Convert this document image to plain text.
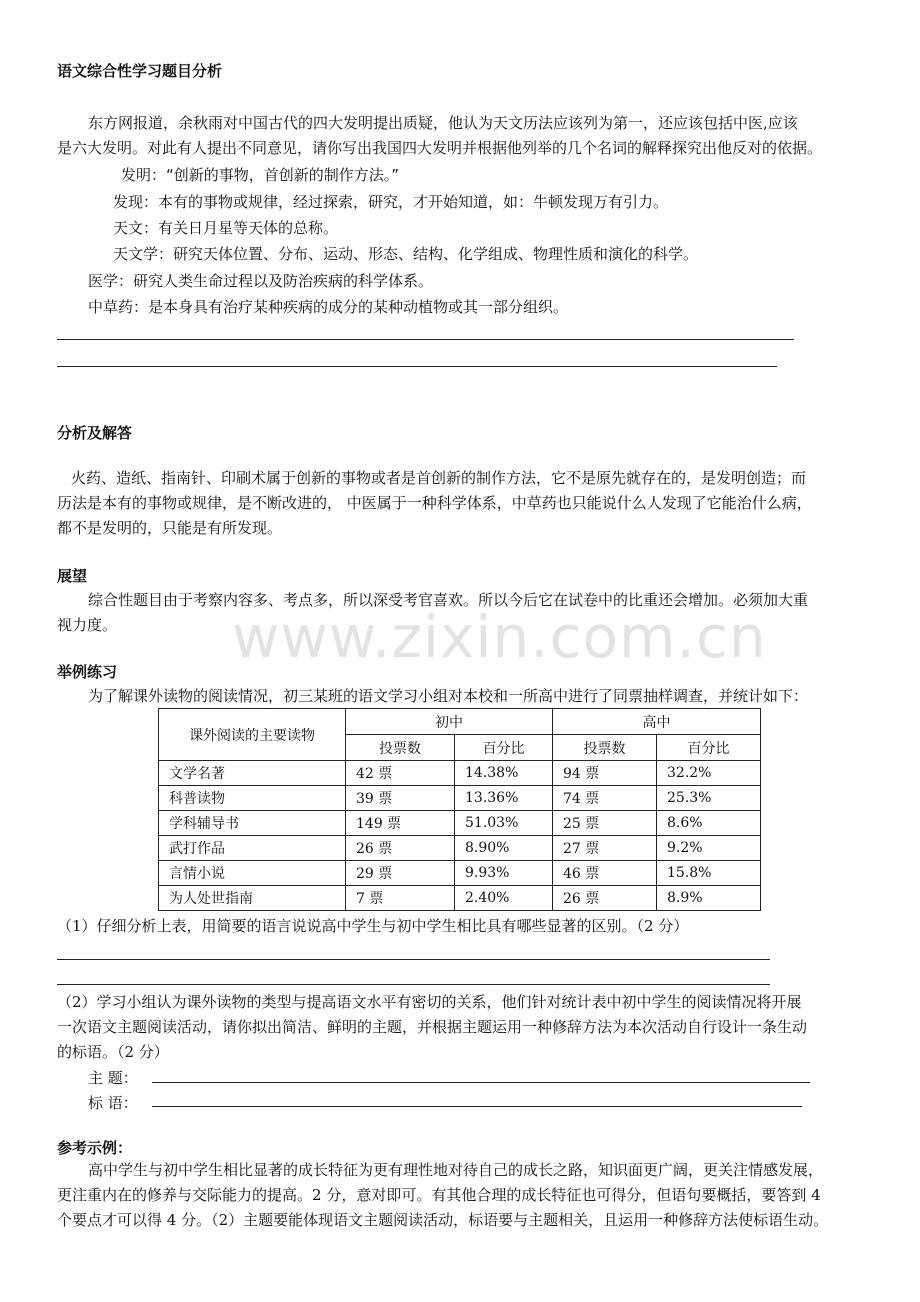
语文综合性学习题目分析
东方网报道，余秋雨对中国古代的四大发明提出质疑，他认为天文历法应该列为第一，还应该包括中医,应该
是六大发明。对此有人提出不同意见，请你写出我国四大发明并根据他列举的几个名词的解释探究出他反对的依据。
发明：“创新的事物，首创新的制作方法。”
发现：本有的事物或规律，经过探索，研究，才开始知道，如：牛顿发现万有引力。
天文：有关日月星等天体的总称。
天文学：研究天体位置、分布、运动、形态、结构、化学组成、物理性质和演化的科学。
医学：研究人类生命过程以及防治疾病的科学体系。
中草药：是本身具有治疗某种疾病的成分的某种动植物或其一部分组织。
分析及解答
火药、造纸、指南针、印刷术属于创新的事物或者是首创新的制作方法，它不是原先就存在的，是发明创造；而
历法是本有的事物或规律，是不断改进的， 中医属于一种科学体系，中草药也只能说什么人发现了它能治什么病，
都不是发明的，只能是有所发现。
展望
综合性题目由于考察内容多、考点多，所以深受考官喜欢。所以今后它在试卷中的比重还会增加。必须加大重
视力度。 www.zixin.com.cn
举例练习
为了解课外读物的阅读情况，初三某班的语文学习小组对本校和一所高中进行了同票抽样调查，并统计如下：
课外阅读的主要读物	初中		高中	
	投票数	百分比	投票数	百分比
文学名著	42 票	14.38%	94 票	32.2%
科普读物	39 票	13.36%	74 票	25.3%
学科辅导书	149 票	51.03%	25 票	8.6%
武打作品	26 票	8.90%	27 票	9.2%
言情小说	29 票	9.93%	46 票	15.8%
为人处世指南	7 票	2.40%	26 票	8.9%
（1）仔细分析上表，用简要的语言说说高中学生与初中学生相比具有哪些显著的区别。（2 分）
（2）学习小组认为课外读物的类型与提高语文水平有密切的关系，他们针对统计表中初中学生的阅读情况将开展
一次语文主题阅读活动，请你拟出简洁、鲜明的主题，并根据主题运用一种修辞方法为本次活动自行设计一条生动
的标语。（2 分）
主 题：
标 语：
参考示例：
高中学生与初中学生相比显著的成长特征为更有理性地对待自己的成长之路，知识面更广阔，更关注情感发展，
更注重内在的修养与交际能力的提高。2 分，意对即可。有其他合理的成长特征也可得分，但语句要概括，要答到 4
个要点才可以得 4 分。（2）主题要能体现语文主题阅读活动，标语要与主题相关，且运用一种修辞方法使标语生动。
